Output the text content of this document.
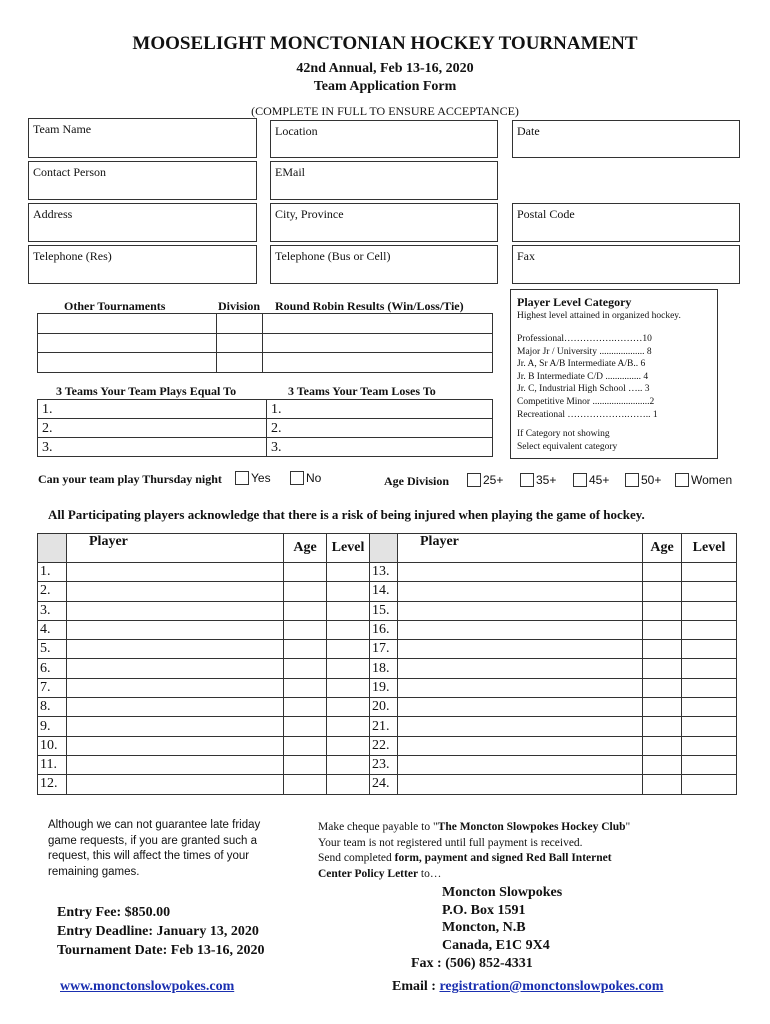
MOOSELIGHT MONCTONIAN HOCKEY TOURNAMENT
42nd Annual, Feb 13-16, 2020
Team Application Form
(COMPLETE IN FULL TO ENSURE ACCEPTANCE)
Team Name	Location	Date
Contact Person	EMail
Address	City, Province	Postal Code
Telephone (Res)	Telephone (Bus or Cell)	Fax
Other Tournaments	Division Round Robin Results (Win/Loss/Tie)

3 Teams Your Team Plays Equal To	3 Teams Your Team Loses To
1.	1.
2.	2.
3.	3.
Player Level Category
Highest level attained in organized hockey.
Professional…………….………10
Major Jr / University ................... 8
Jr. A, Sr A/B Intermediate A/B.. 6
Jr. B Intermediate C/D ............... 4
Jr. C, Industrial High School ….. 3
Competitive Minor ........................2
Recreational ……………….…….. 1
If Category not showing
Select equivalent category
Can your team play Thursday night	Yes	No	Age Division	25+	35+	45+	50+	Women
All Participating players acknowledge that there is a risk of being injured when playing the game of hockey.
	Player	Age	Level		Player	Age	Level
1.				13.			
2.				14.			
3.				15.			
4.				16.			
5.				17.			
6.				18.			
7.				19.			
8.				20.			
9.				21.			
10.				22.			
11.				23.			
12.				24.			
Although we can not guarantee late friday game requests, if you are granted such a request, this will affect the times of your remaining games.
Make cheque payable to "The Moncton Slowpokes Hockey Club"
Your team is not registered until full payment is received.
Send completed form, payment and signed Red Ball Internet Center Policy Letter to…
Entry Fee: $850.00
Entry Deadline: January 13, 2020
Tournament Date: Feb 13-16, 2020
Moncton Slowpokes
P.O. Box 1591
Moncton, N.B
Canada, E1C 9X4
Fax : (506) 852-4331
www.monctonslowpokes.com	Email : registration@monctonslowpokes.com
